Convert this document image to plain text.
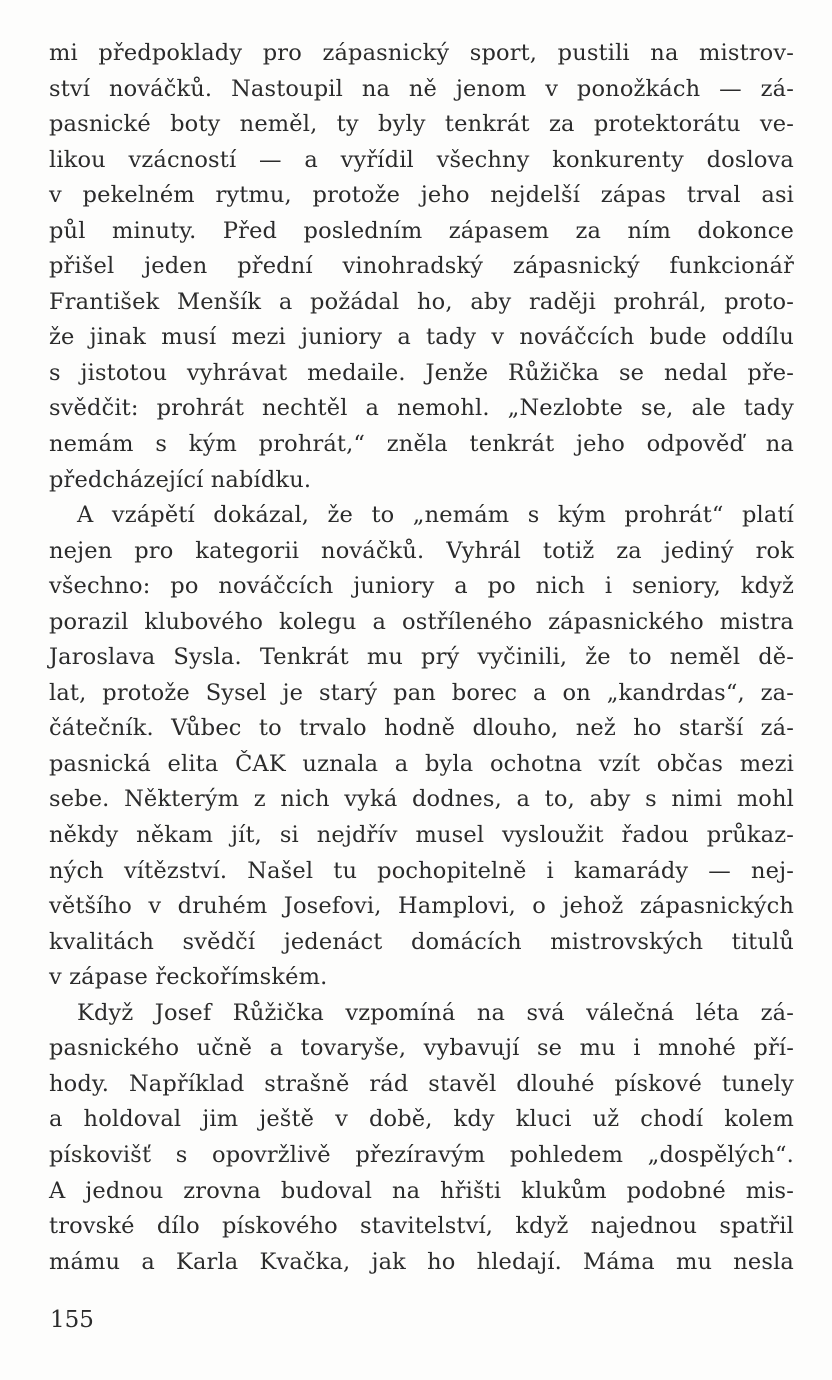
mi předpoklady pro zápasnický sport, pustili na mistrov-
ství nováčků. Nastoupil na ně jenom v ponožkách — zá-
pasnické boty neměl, ty byly tenkrát za protektorátu ve-
likou vzácností — a vyřídil všechny konkurenty doslova
v pekelném rytmu, protože jeho nejdelší zápas trval asi
půl minuty. Před posledním zápasem za ním dokonce
přišel jeden přední vinohradský zápasnický funkcionář
František Menšík a požádal ho, aby raději prohrál, proto-
že jinak musí mezi juniory a tady v nováčcích bude oddílu
s jistotou vyhrávat medaile. Jenže Růžička se nedal pře-
svědčit: prohrát nechtěl a nemohl. „Nezlobte se, ale tady
nemám s kým prohrát,“ zněla tenkrát jeho odpověď na
předcházející nabídku.
A vzápětí dokázal, že to „nemám s kým prohrát“ platí
nejen pro kategorii nováčků. Vyhrál totiž za jediný rok
všechno: po nováčcích juniory a po nich i seniory, když
porazil klubového kolegu a ostříleného zápasnického mistra
Jaroslava Sysla. Tenkrát mu prý vyčinili, že to neměl dě-
lat, protože Sysel je starý pan borec a on „kandrdas“, za-
čátečník. Vůbec to trvalo hodně dlouho, než ho starší zá-
pasnická elita ČAK uznala a byla ochotna vzít občas mezi
sebe. Některým z nich vyká dodnes, a to, aby s nimi mohl
někdy někam jít, si nejdřív musel vysloužit řadou průkaz-
ných vítězství. Našel tu pochopitelně i kamarády — nej-
většího v druhém Josefovi, Hamplovi, o jehož zápasnických
kvalitách svědčí jedenáct domácích mistrovských titulů
v zápase řeckořímském.
Když Josef Růžička vzpomíná na svá válečná léta zá-
pasnického učně a tovaryše, vybavují se mu i mnohé pří-
hody. Například strašně rád stavěl dlouhé pískové tunely
a holdoval jim ještě v době, kdy kluci už chodí kolem
pískovišť s opovržlivě přezíravým pohledem „dospělých“.
A jednou zrovna budoval na hřišti klukům podobné mis-
trovské dílo pískového stavitelství, když najednou spatřil
mámu a Karla Kvačka, jak ho hledají. Máma mu nesla
155
